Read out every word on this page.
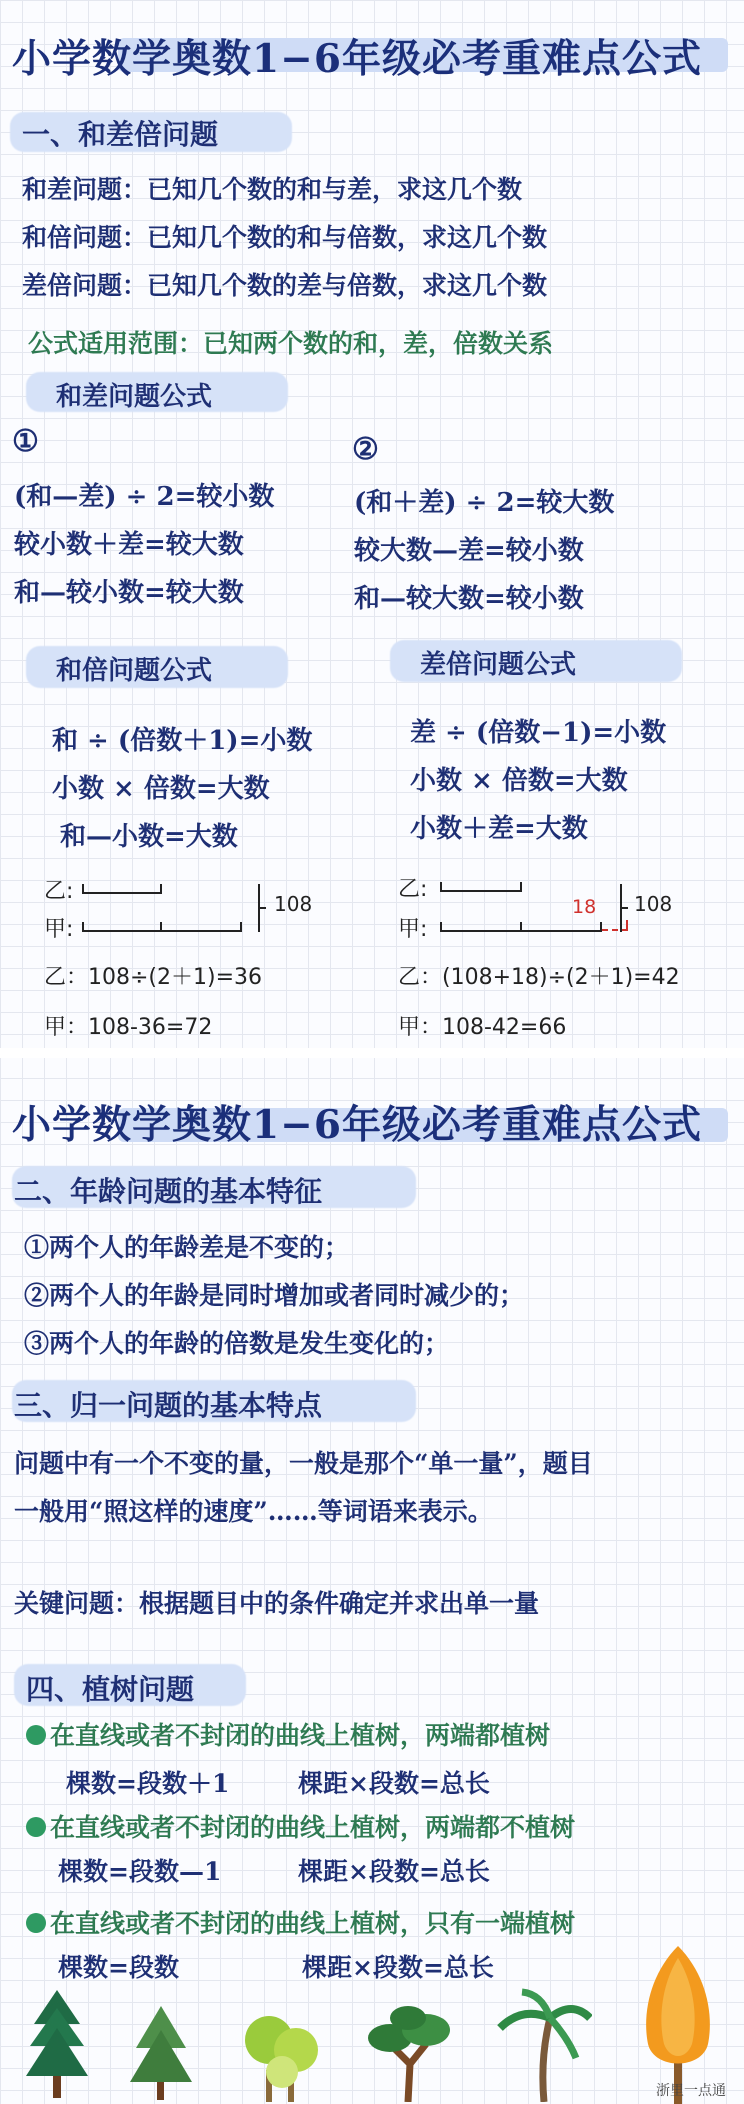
小学数学奥数1−6年级必考重难点公式
一、和差倍问题
和差问题：已知几个数的和与差，求这几个数
和倍问题：已知几个数的和与倍数，求这几个数
差倍问题：已知几个数的差与倍数，求这几个数
公式适用范围：已知两个数的和，差，倍数关系
和差问题公式
①	②
(和—差) ÷ 2=较小数
较小数＋差=较大数
和—较小数=较大数
(和＋差) ÷ 2=较大数
较大数—差=较小数
和—较大数=较小数
和倍问题公式
和 ÷ (倍数＋1)=小数
小数 × 倍数=大数
和—小数=大数
差倍问题公式
差 ÷ (倍数−1)=小数
小数 × 倍数=大数
小数＋差=大数
乙:
甲:
108
乙：108÷(2＋1)=36
甲：108-36=72
乙:
甲:
18 108
乙：(108+18)÷(2＋1)=42
甲：108-42=66
小学数学奥数1−6年级必考重难点公式
二、年龄问题的基本特征
①两个人的年龄差是不变的；
②两个人的年龄是同时增加或者同时减少的；
③两个人的年龄的倍数是发生变化的；
三、归一问题的基本特点
问题中有一个不变的量，一般是那个“单一量”，题目
一般用“照这样的速度”……等词语来表示。
关键问题：根据题目中的条件确定并求出单一量
四、植树问题
在直线或者不封闭的曲线上植树，两端都植树
棵数=段数＋1	棵距×段数=总长
在直线或者不封闭的曲线上植树，两端都不植树
棵数=段数—1	棵距×段数=总长
在直线或者不封闭的曲线上植树，只有一端植树
棵数=段数	棵距×段数=总长
浙里一点通
